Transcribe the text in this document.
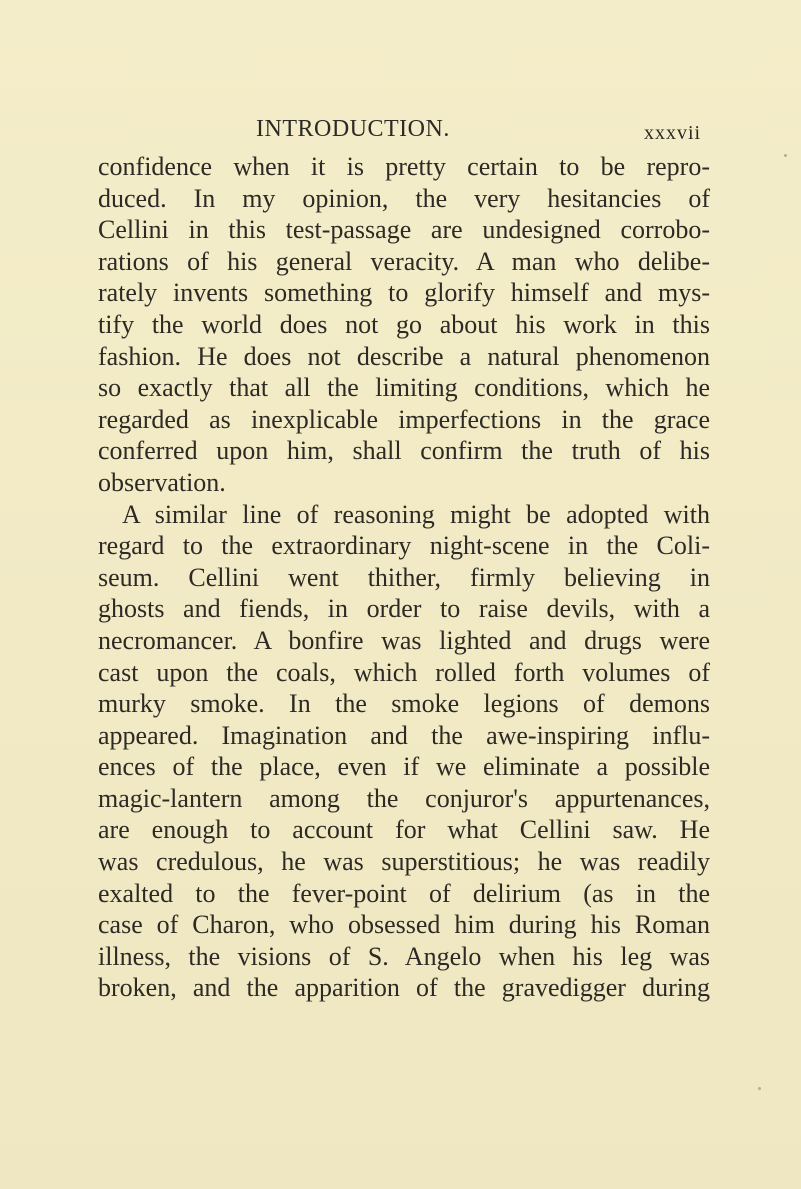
INTRODUCTION.	xxxvii
confidence when it is pretty certain to be repro-
duced. In my opinion, the very hesitancies of
Cellini in this test-passage are undesigned corrobo-
rations of his general veracity. A man who delibe-
rately invents something to glorify himself and mys-
tify the world does not go about his work in this
fashion. He does not describe a natural phenomenon
so exactly that all the limiting conditions, which he
regarded as inexplicable imperfections in the grace
conferred upon him, shall confirm the truth of his
observation.
A similar line of reasoning might be adopted with
regard to the extraordinary night-scene in the Coli-
seum. Cellini went thither, firmly believing in
ghosts and fiends, in order to raise devils, with a
necromancer. A bonfire was lighted and drugs were
cast upon the coals, which rolled forth volumes of
murky smoke. In the smoke legions of demons
appeared. Imagination and the awe-inspiring influ-
ences of the place, even if we eliminate a possible
magic-lantern among the conjuror's appurtenances,
are enough to account for what Cellini saw. He
was credulous, he was superstitious; he was readily
exalted to the fever-point of delirium (as in the
case of Charon, who obsessed him during his Roman
illness, the visions of S. Angelo when his leg was
broken, and the apparition of the gravedigger during
